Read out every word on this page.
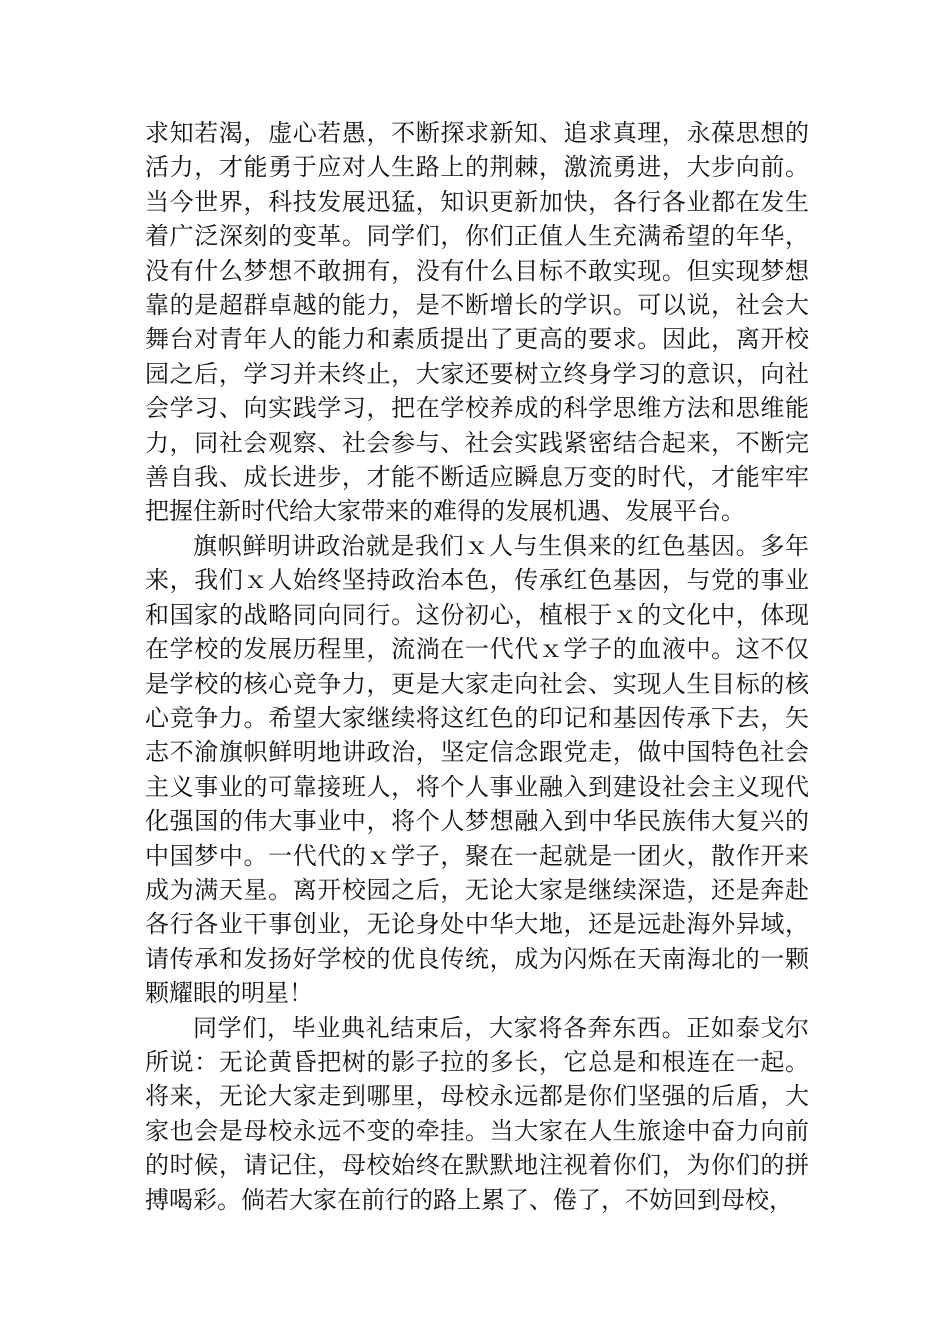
求知若渴，虚心若愚，不断探求新知、追求真理，永葆思想的活力，才能勇于应对人生路上的荆棘，激流勇进，大步向前。当今世界，科技发展迅猛，知识更新加快，各行各业都在发生着广泛深刻的变革。同学们，你们正值人生充满希望的年华，没有什么梦想不敢拥有，没有什么目标不敢实现。但实现梦想靠的是超群卓越的能力，是不断增长的学识。可以说，社会大舞台对青年人的能力和素质提出了更高的要求。因此，离开校园之后，学习并未终止，大家还要树立终身学习的意识，向社会学习、向实践学习，把在学校养成的科学思维方法和思维能力，同社会观察、社会参与、社会实践紧密结合起来，不断完善自我、成长进步，才能不断适应瞬息万变的时代，才能牢牢把握住新时代给大家带来的难得的发展机遇、发展平台。

旗帜鲜明讲政治就是我们ｘ人与生俱来的红色基因。多年来，我们ｘ人始终坚持政治本色，传承红色基因，与党的事业和国家的战略同向同行。这份初心，植根于ｘ的文化中，体现在学校的发展历程里，流淌在一代代ｘ学子的血液中。这不仅是学校的核心竞争力，更是大家走向社会、实现人生目标的核心竞争力。希望大家继续将这红色的印记和基因传承下去，矢志不渝旗帜鲜明地讲政治，坚定信念跟党走，做中国特色社会主义事业的可靠接班人，将个人事业融入到建设社会主义现代化强国的伟大事业中，将个人梦想融入到中华民族伟大复兴的中国梦中。一代代的ｘ学子，聚在一起就是一团火，散作开来成为满天星。离开校园之后，无论大家是继续深造，还是奔赴各行各业干事创业，无论身处中华大地，还是远赴海外异域，请传承和发扬好学校的优良传统，成为闪烁在天南海北的一颗颗耀眼的明星！

同学们，毕业典礼结束后，大家将各奔东西。正如泰戈尔所说：无论黄昏把树的影子拉的多长，它总是和根连在一起。将来，无论大家走到哪里，母校永远都是你们坚强的后盾，大家也会是母校永远不变的牵挂。当大家在人生旅途中奋力向前的时候，请记住，母校始终在默默地注视着你们，为你们的拼搏喝彩。倘若大家在前行的路上累了、倦了，不妨回到母校，
